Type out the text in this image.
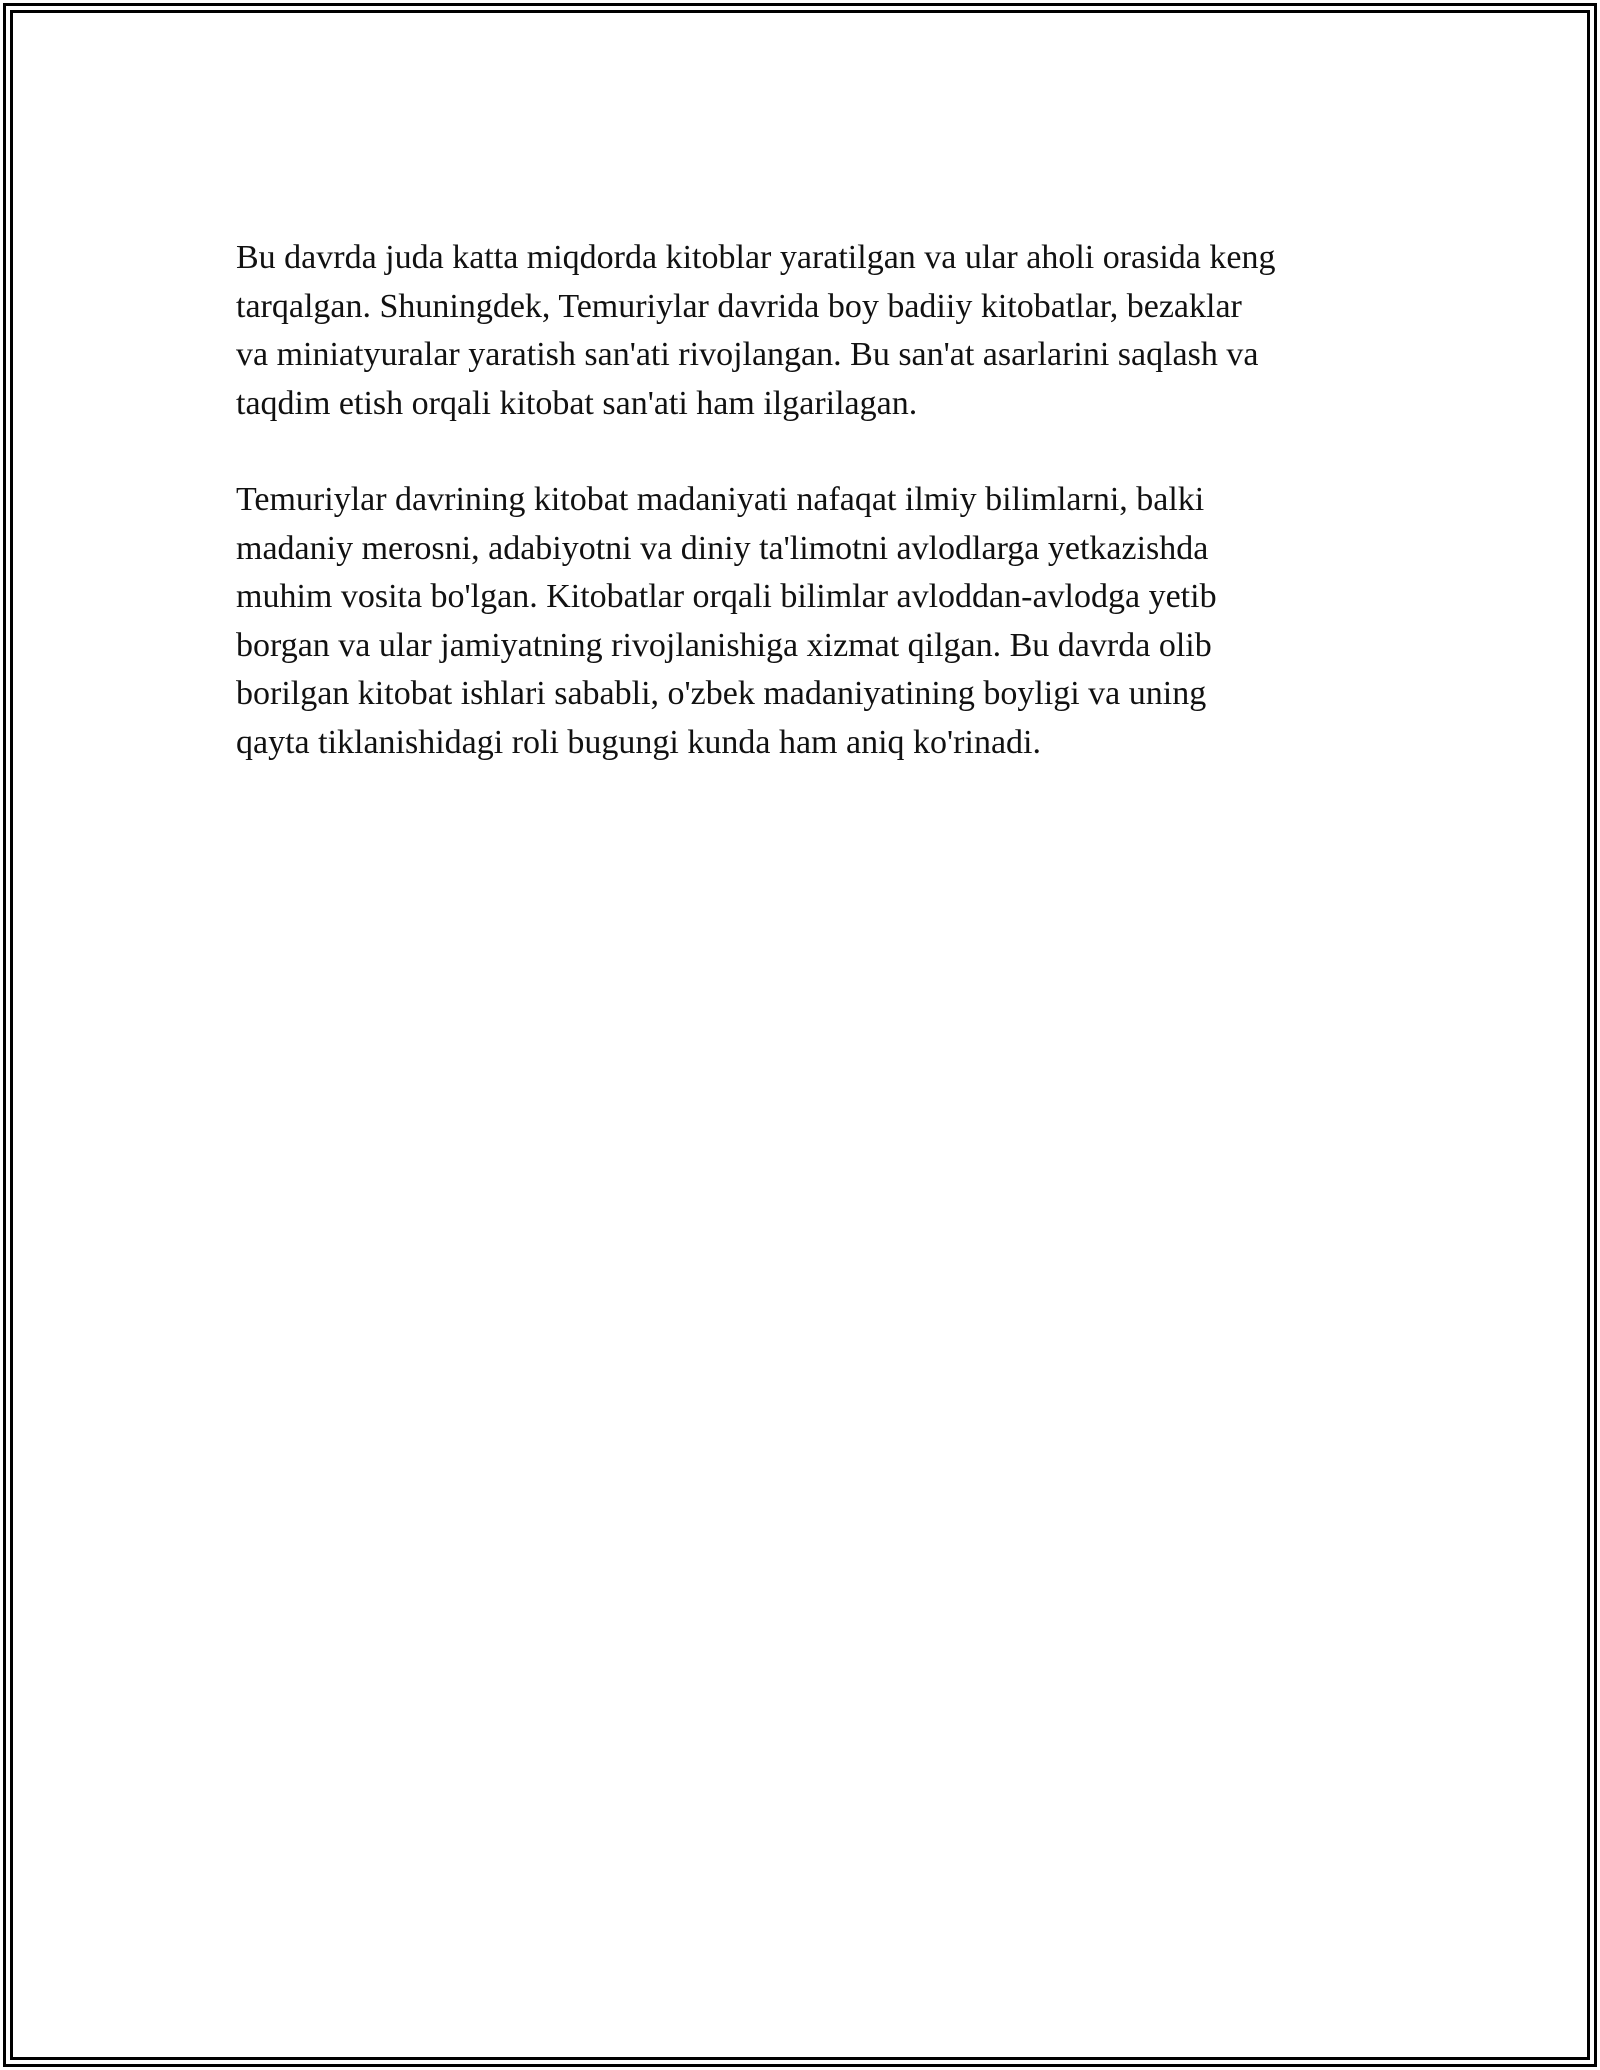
Bu davrda juda katta miqdorda kitoblar yaratilgan va ular aholi orasida keng
tarqalgan. Shuningdek, Temuriylar davrida boy badiiy kitobatlar, bezaklar
va miniatyuralar yaratish san'ati rivojlangan. Bu san'at asarlarini saqlash va
taqdim etish orqali kitobat san'ati ham ilgarilagan.

Temuriylar davrining kitobat madaniyati nafaqat ilmiy bilimlarni, balki
madaniy merosni, adabiyotni va diniy ta'limotni avlodlarga yetkazishda
muhim vosita bo'lgan. Kitobatlar orqali bilimlar avloddan-avlodga yetib
borgan va ular jamiyatning rivojlanishiga xizmat qilgan. Bu davrda olib
borilgan kitobat ishlari sababli, o'zbek madaniyatining boyligi va uning
qayta tiklanishidagi roli bugungi kunda ham aniq ko'rinadi.
